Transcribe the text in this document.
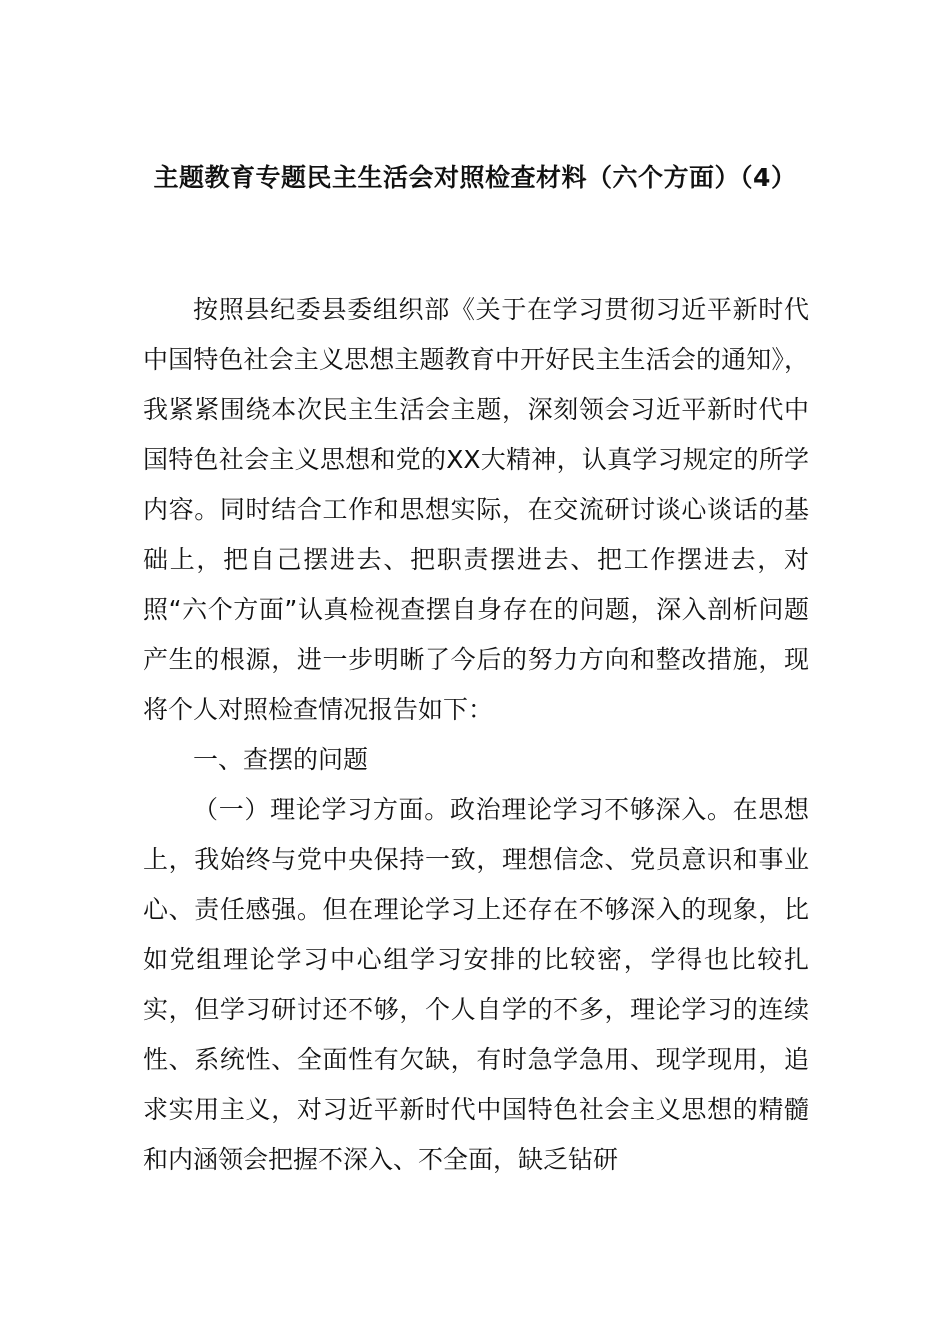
主题教育专题民主生活会对照检查材料（六个方面）（4）

按照县纪委县委组织部《关于在学习贯彻习近平新时代中国特色社会主义思想主题教育中开好民主生活会的通知》，我紧紧围绕本次民主生活会主题，深刻领会习近平新时代中国特色社会主义思想和党的XX大精神，认真学习规定的所学内容。同时结合工作和思想实际，在交流研讨谈心谈话的基础上，把自己摆进去、把职责摆进去、把工作摆进去，对照“六个方面”认真检视查摆自身存在的问题，深入剖析问题产生的根源，进一步明晰了今后的努力方向和整改措施，现将个人对照检查情况报告如下：

一、查摆的问题

（一）理论学习方面。政治理论学习不够深入。在思想上，我始终与党中央保持一致，理想信念、党员意识和事业心、责任感强。但在理论学习上还存在不够深入的现象，比如党组理论学习中心组学习安排的比较密，学得也比较扎实，但学习研讨还不够，个人自学的不多，理论学习的连续性、系统性、全面性有欠缺，有时急学急用、现学现用，追求实用主义，对习近平新时代中国特色社会主义思想的精髓和内涵领会把握不深入、不全面，缺乏钻研
